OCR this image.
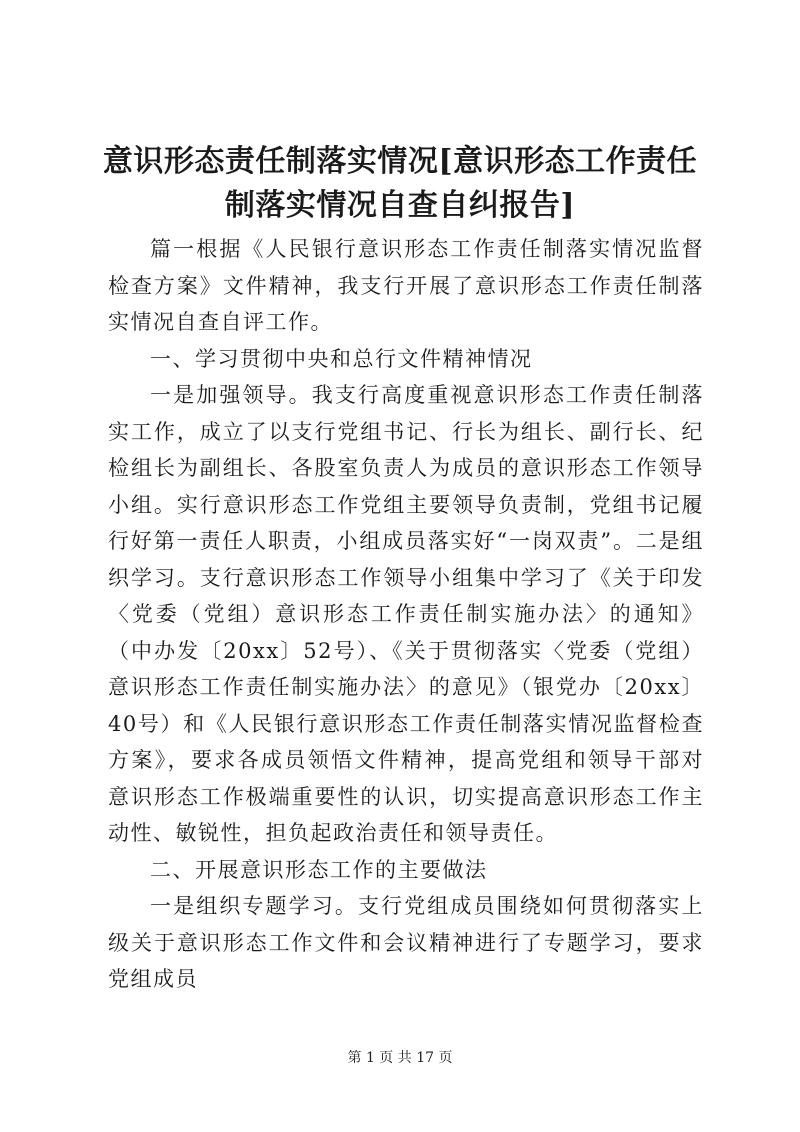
意识形态责任制落实情况[意识形态工作责任制落实情况自查自纠报告]

篇一根据《人民银行意识形态工作责任制落实情况监督检查方案》文件精神，我支行开展了意识形态工作责任制落实情况自查自评工作。

一、学习贯彻中央和总行文件精神情况

一是加强领导。我支行高度重视意识形态工作责任制落实工作，成立了以支行党组书记、行长为组长、副行长、纪检组长为副组长、各股室负责人为成员的意识形态工作领导小组。实行意识形态工作党组主要领导负责制，党组书记履行好第一责任人职责，小组成员落实好“一岗双责”。二是组织学习。支行意识形态工作领导小组集中学习了《关于印发〈党委（党组）意识形态工作责任制实施办法〉的通知》（中办发〔20xx〕52号）、《关于贯彻落实〈党委（党组）意识形态工作责任制实施办法〉的意见》（银党办〔20xx〕40号）和《人民银行意识形态工作责任制落实情况监督检查方案》，要求各成员领悟文件精神，提高党组和领导干部对意识形态工作极端重要性的认识，切实提高意识形态工作主动性、敏锐性，担负起政治责任和领导责任。

二、开展意识形态工作的主要做法

一是组织专题学习。支行党组成员围绕如何贯彻落实上级关于意识形态工作文件和会议精神进行了专题学习，要求党组成员

第 1 页 共 17 页
